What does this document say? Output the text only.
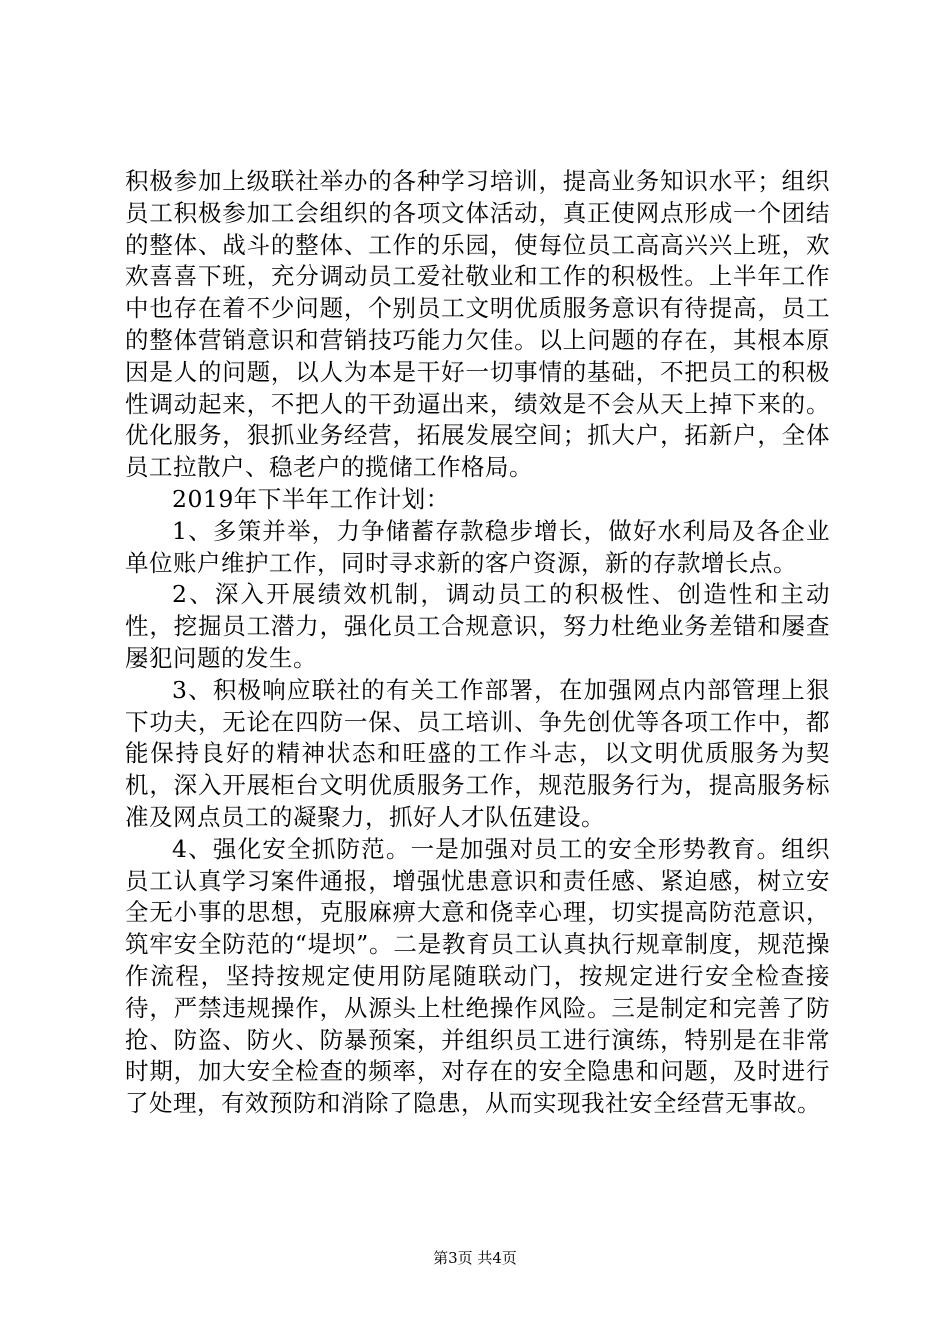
积极参加上级联社举办的各种学习培训，提高业务知识水平；组织员工积极参加工会组织的各项文体活动，真正使网点形成一个团结的整体、战斗的整体、工作的乐园，使每位员工高高兴兴上班，欢欢喜喜下班，充分调动员工爱社敬业和工作的积极性。上半年工作中也存在着不少问题，个别员工文明优质服务意识有待提高，员工的整体营销意识和营销技巧能力欠佳。以上问题的存在，其根本原因是人的问题，以人为本是干好一切事情的基础，不把员工的积极性调动起来，不把人的干劲逼出来，绩效是不会从天上掉下来的。优化服务，狠抓业务经营，拓展发展空间；抓大户，拓新户，全体员工拉散户、稳老户的揽储工作格局。

2019年下半年工作计划：

1、多策并举，力争储蓄存款稳步增长，做好水利局及各企业单位账户维护工作，同时寻求新的客户资源，新的存款增长点。

2、深入开展绩效机制，调动员工的积极性、创造性和主动性，挖掘员工潜力，强化员工合规意识，努力杜绝业务差错和屡查屡犯问题的发生。

3、积极响应联社的有关工作部署，在加强网点内部管理上狠下功夫，无论在四防一保、员工培训、争先创优等各项工作中，都能保持良好的精神状态和旺盛的工作斗志，以文明优质服务为契机，深入开展柜台文明优质服务工作，规范服务行为，提高服务标准及网点员工的凝聚力，抓好人才队伍建设。

4、强化安全抓防范。一是加强对员工的安全形势教育。组织员工认真学习案件通报，增强忧患意识和责任感、紧迫感，树立安全无小事的思想，克服麻痹大意和侥幸心理，切实提高防范意识，筑牢安全防范的“堤坝”。二是教育员工认真执行规章制度，规范操作流程，坚持按规定使用防尾随联动门，按规定进行安全检查接待，严禁违规操作，从源头上杜绝操作风险。三是制定和完善了防抢、防盗、防火、防暴预案，并组织员工进行演练，特别是在非常时期，加大安全检查的频率，对存在的安全隐患和问题，及时进行了处理，有效预防和消除了隐患，从而实现我社安全经营无事故。

第3页 共4页
